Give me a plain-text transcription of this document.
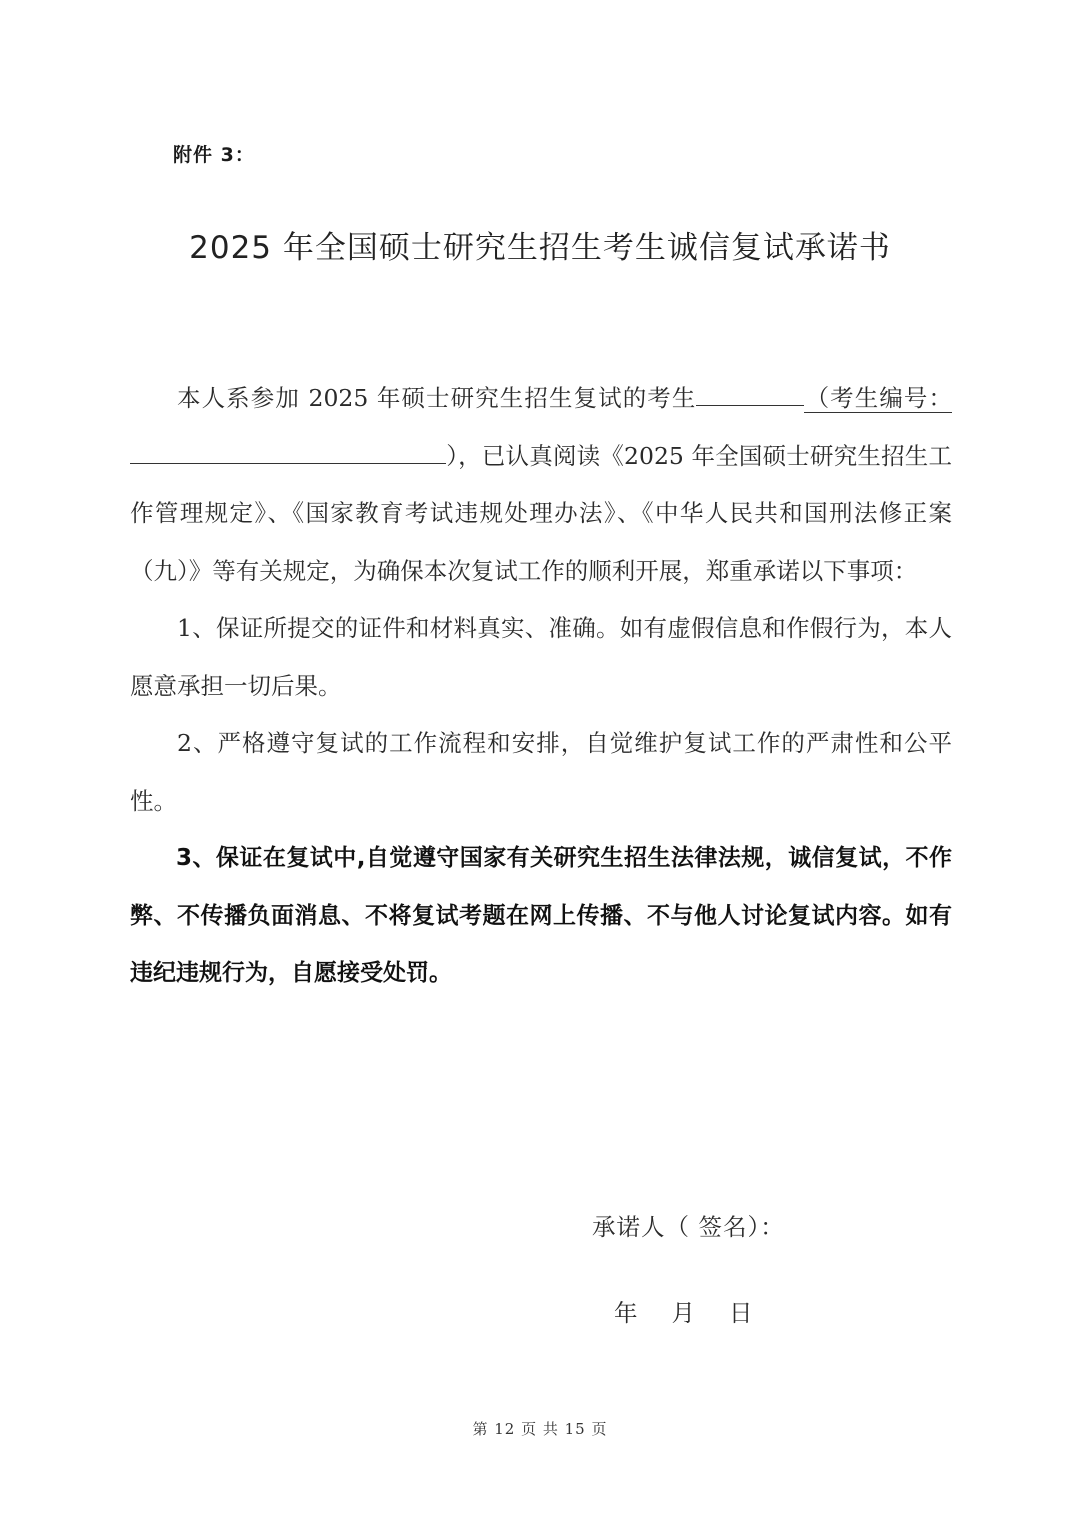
附件 3：
2025 年全国硕士研究生招生考生诚信复试承诺书

本人系参加 2025 年硕士研究生招生复试的考生	（考生编号：），已认真阅读《2025 年全国硕士研究生招生工作管理规定》、《国家教育考试违规处理办法》、《中华人民共和国刑法修正案（九）》等有关规定，为确保本次复试工作的顺利开展，郑重承诺以下事项：

1、保证所提交的证件和材料真实、准确。如有虚假信息和作假行为，本人愿意承担一切后果。

2、严格遵守复试的工作流程和安排，自觉维护复试工作的严肃性和公平性。

3、保证在复试中,自觉遵守国家有关研究生招生法律法规，诚信复试，不作弊、不传播负面消息、不将复试考题在网上传播、不与他人讨论复试内容。如有违纪违规行为，自愿接受处罚。

承诺人（ 签名）：
年 月 日
第 12 页 共 15 页
